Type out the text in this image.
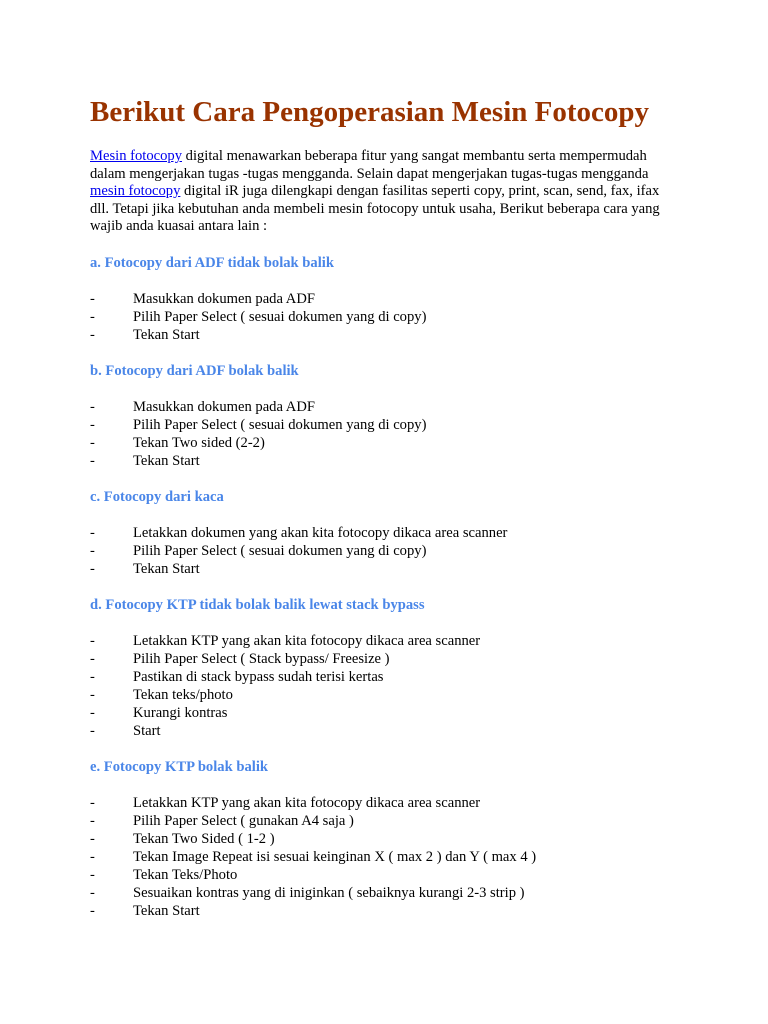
Berikut Cara Pengoperasian Mesin Fotocopy

Mesin fotocopy digital menawarkan beberapa fitur yang sangat membantu serta mempermudah dalam mengerjakan tugas -tugas mengganda. Selain dapat mengerjakan tugas-tugas mengganda
mesin fotocopy digital iR juga dilengkapi dengan fasilitas seperti copy, print, scan, send, fax, ifax dll. Tetapi jika kebutuhan anda membeli mesin fotocopy untuk usaha, Berikut beberapa cara yang wajib anda kuasai antara lain :

a. Fotocopy dari ADF tidak bolak balik
-	Masukkan dokumen pada ADF
-	Pilih Paper Select ( sesuai dokumen yang di copy)
-	Tekan Start
b. Fotocopy dari ADF bolak balik
-	Masukkan dokumen pada ADF
-	Pilih Paper Select ( sesuai dokumen yang di copy)
-	Tekan Two sided (2-2)
-	Tekan Start
c. Fotocopy dari kaca
-	Letakkan dokumen yang akan kita fotocopy dikaca area scanner
-	Pilih Paper Select ( sesuai dokumen yang di copy)
-	Tekan Start
d. Fotocopy KTP tidak bolak balik lewat stack bypass
-	Letakkan KTP yang akan kita fotocopy dikaca area scanner
-	Pilih Paper Select ( Stack bypass/ Freesize )
-	Pastikan di stack bypass sudah terisi kertas
-	Tekan teks/photo
-	Kurangi kontras
-	Start
e. Fotocopy KTP bolak balik
-	Letakkan KTP yang akan kita fotocopy dikaca area scanner
-	Pilih Paper Select ( gunakan A4 saja )
-	Tekan Two Sided ( 1-2 )
-	Tekan Image Repeat isi sesuai keinginan X ( max 2 ) dan Y ( max 4 )
-	Tekan Teks/Photo
-	Sesuaikan kontras yang di iniginkan ( sebaiknya kurangi 2-3 strip )
-	Tekan Start
